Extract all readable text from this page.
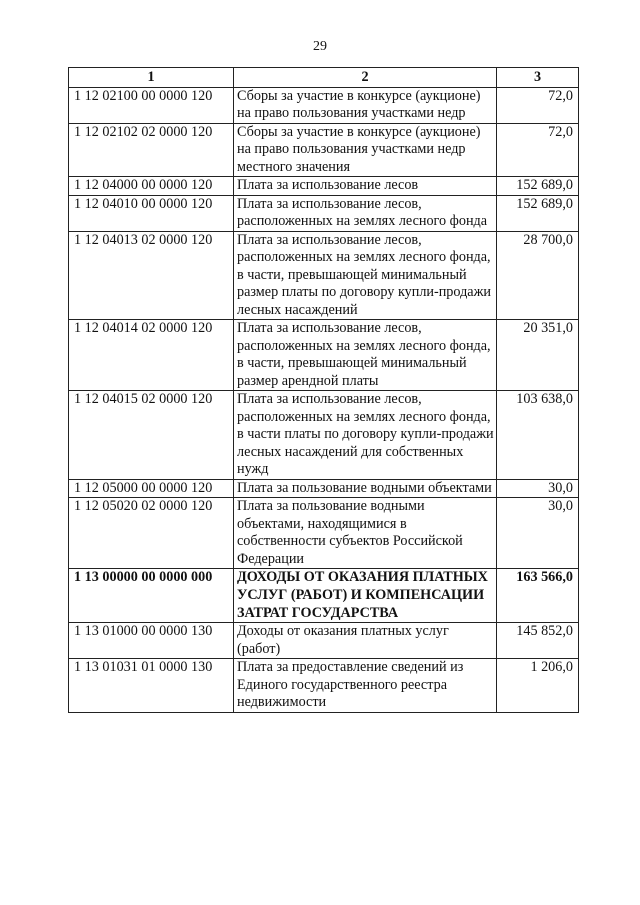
29
1	2	3
1 12 02100 00 0000 120	Сборы за участие в конкурсе (аукционе) на право пользования участками недр	72,0
1 12 02102 02 0000 120	Сборы за участие в конкурсе (аукционе) на право пользования участками недр местного значения	72,0
1 12 04000 00 0000 120	Плата за использование лесов	152 689,0
1 12 04010 00 0000 120	Плата за использование лесов, расположенных на землях лесного фонда	152 689,0
1 12 04013 02 0000 120	Плата за использование лесов, расположенных на землях лесного фонда, в части, превышающей минимальный размер платы по договору купли-продажи лесных насаждений	28 700,0
1 12 04014 02 0000 120	Плата за использование лесов, расположенных на землях лесного фонда, в части, превышающей минимальный размер арендной платы	20 351,0
1 12 04015 02 0000 120	Плата за использование лесов, расположенных на землях лесного фонда, в части платы по договору купли-продажи лесных насаждений для собственных нужд	103 638,0
1 12 05000 00 0000 120	Плата за пользование водными объектами	30,0
1 12 05020 02 0000 120	Плата за пользование водными объектами, находящимися в собственности субъектов Российской Федерации	30,0
1 13 00000 00 0000 000	ДОХОДЫ ОТ ОКАЗАНИЯ ПЛАТНЫХ УСЛУГ (РАБОТ) И КОМПЕНСАЦИИ ЗАТРАТ ГОСУДАРСТВА	163 566,0
1 13 01000 00 0000 130	Доходы от оказания платных услуг (работ)	145 852,0
1 13 01031 01 0000 130	Плата за предоставление сведений из Единого государственного реестра недвижимости	1 206,0
